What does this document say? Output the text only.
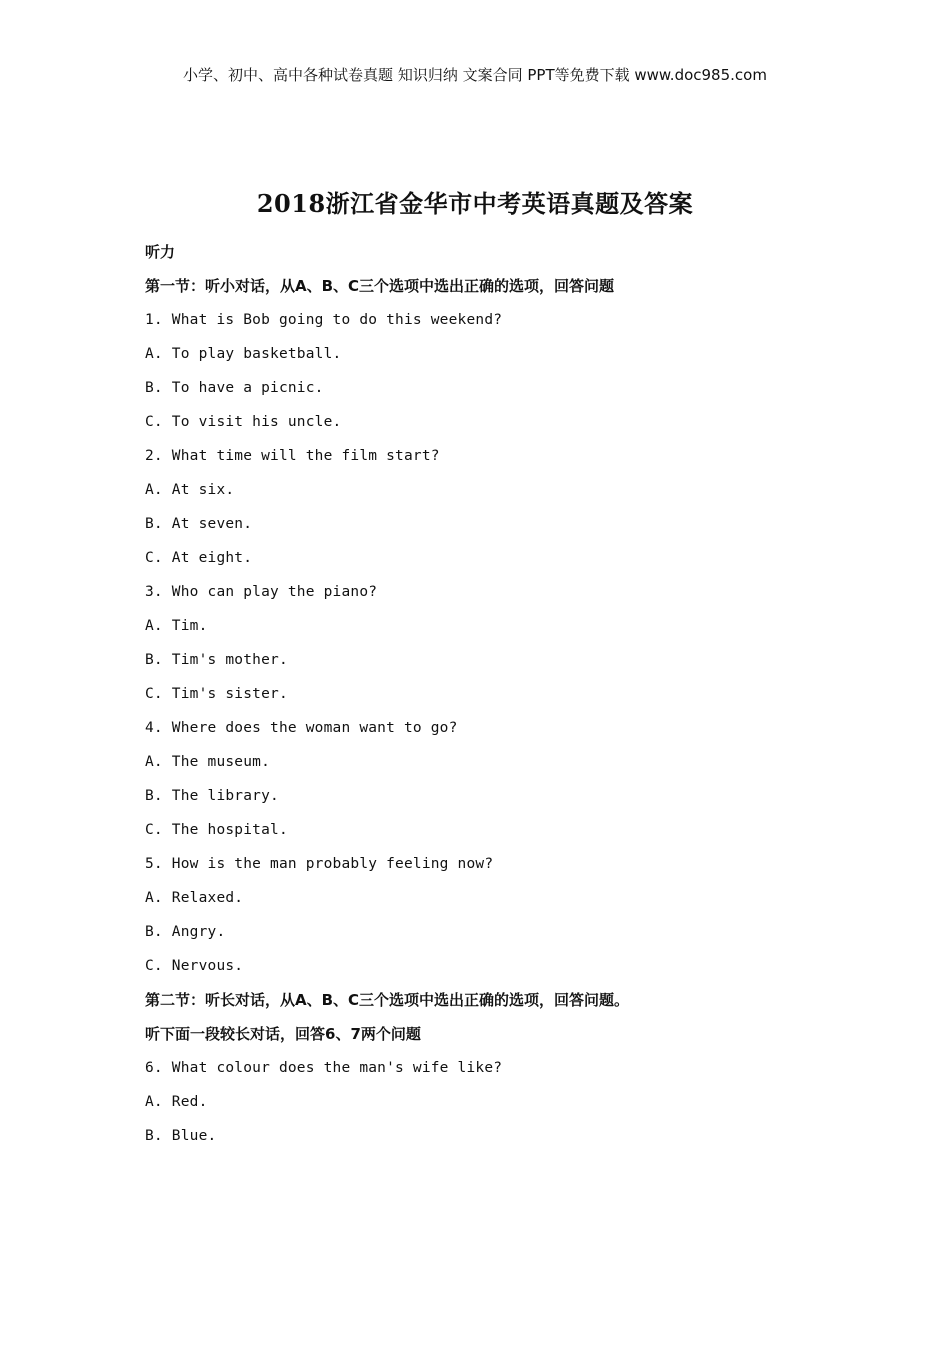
小学、初中、高中各种试卷真题 知识归纳 文案合同 PPT等免费下载 www.doc985.com
2018浙江省金华市中考英语真题及答案
听力
第一节：听小对话，从A、B、C三个选项中选出正确的选项，回答问题
1. What is Bob going to do this weekend?
A. To play basketball.
B. To have a picnic.
C. To visit his uncle.
2. What time will the film start?
A. At six.
B. At seven.
C. At eight.
3. Who can play the piano?
A. Tim.
B. Tim's mother.
C. Tim's sister.
4. Where does the woman want to go?
A. The museum.
B. The library.
C. The hospital.
5. How is the man probably feeling now?
A. Relaxed.
B. Angry.
C. Nervous.
第二节：听长对话，从A、B、C三个选项中选出正确的选项，回答问题。
听下面一段较长对话，回答6、7两个问题
6. What colour does the man's wife like?
A. Red.
B. Blue.
